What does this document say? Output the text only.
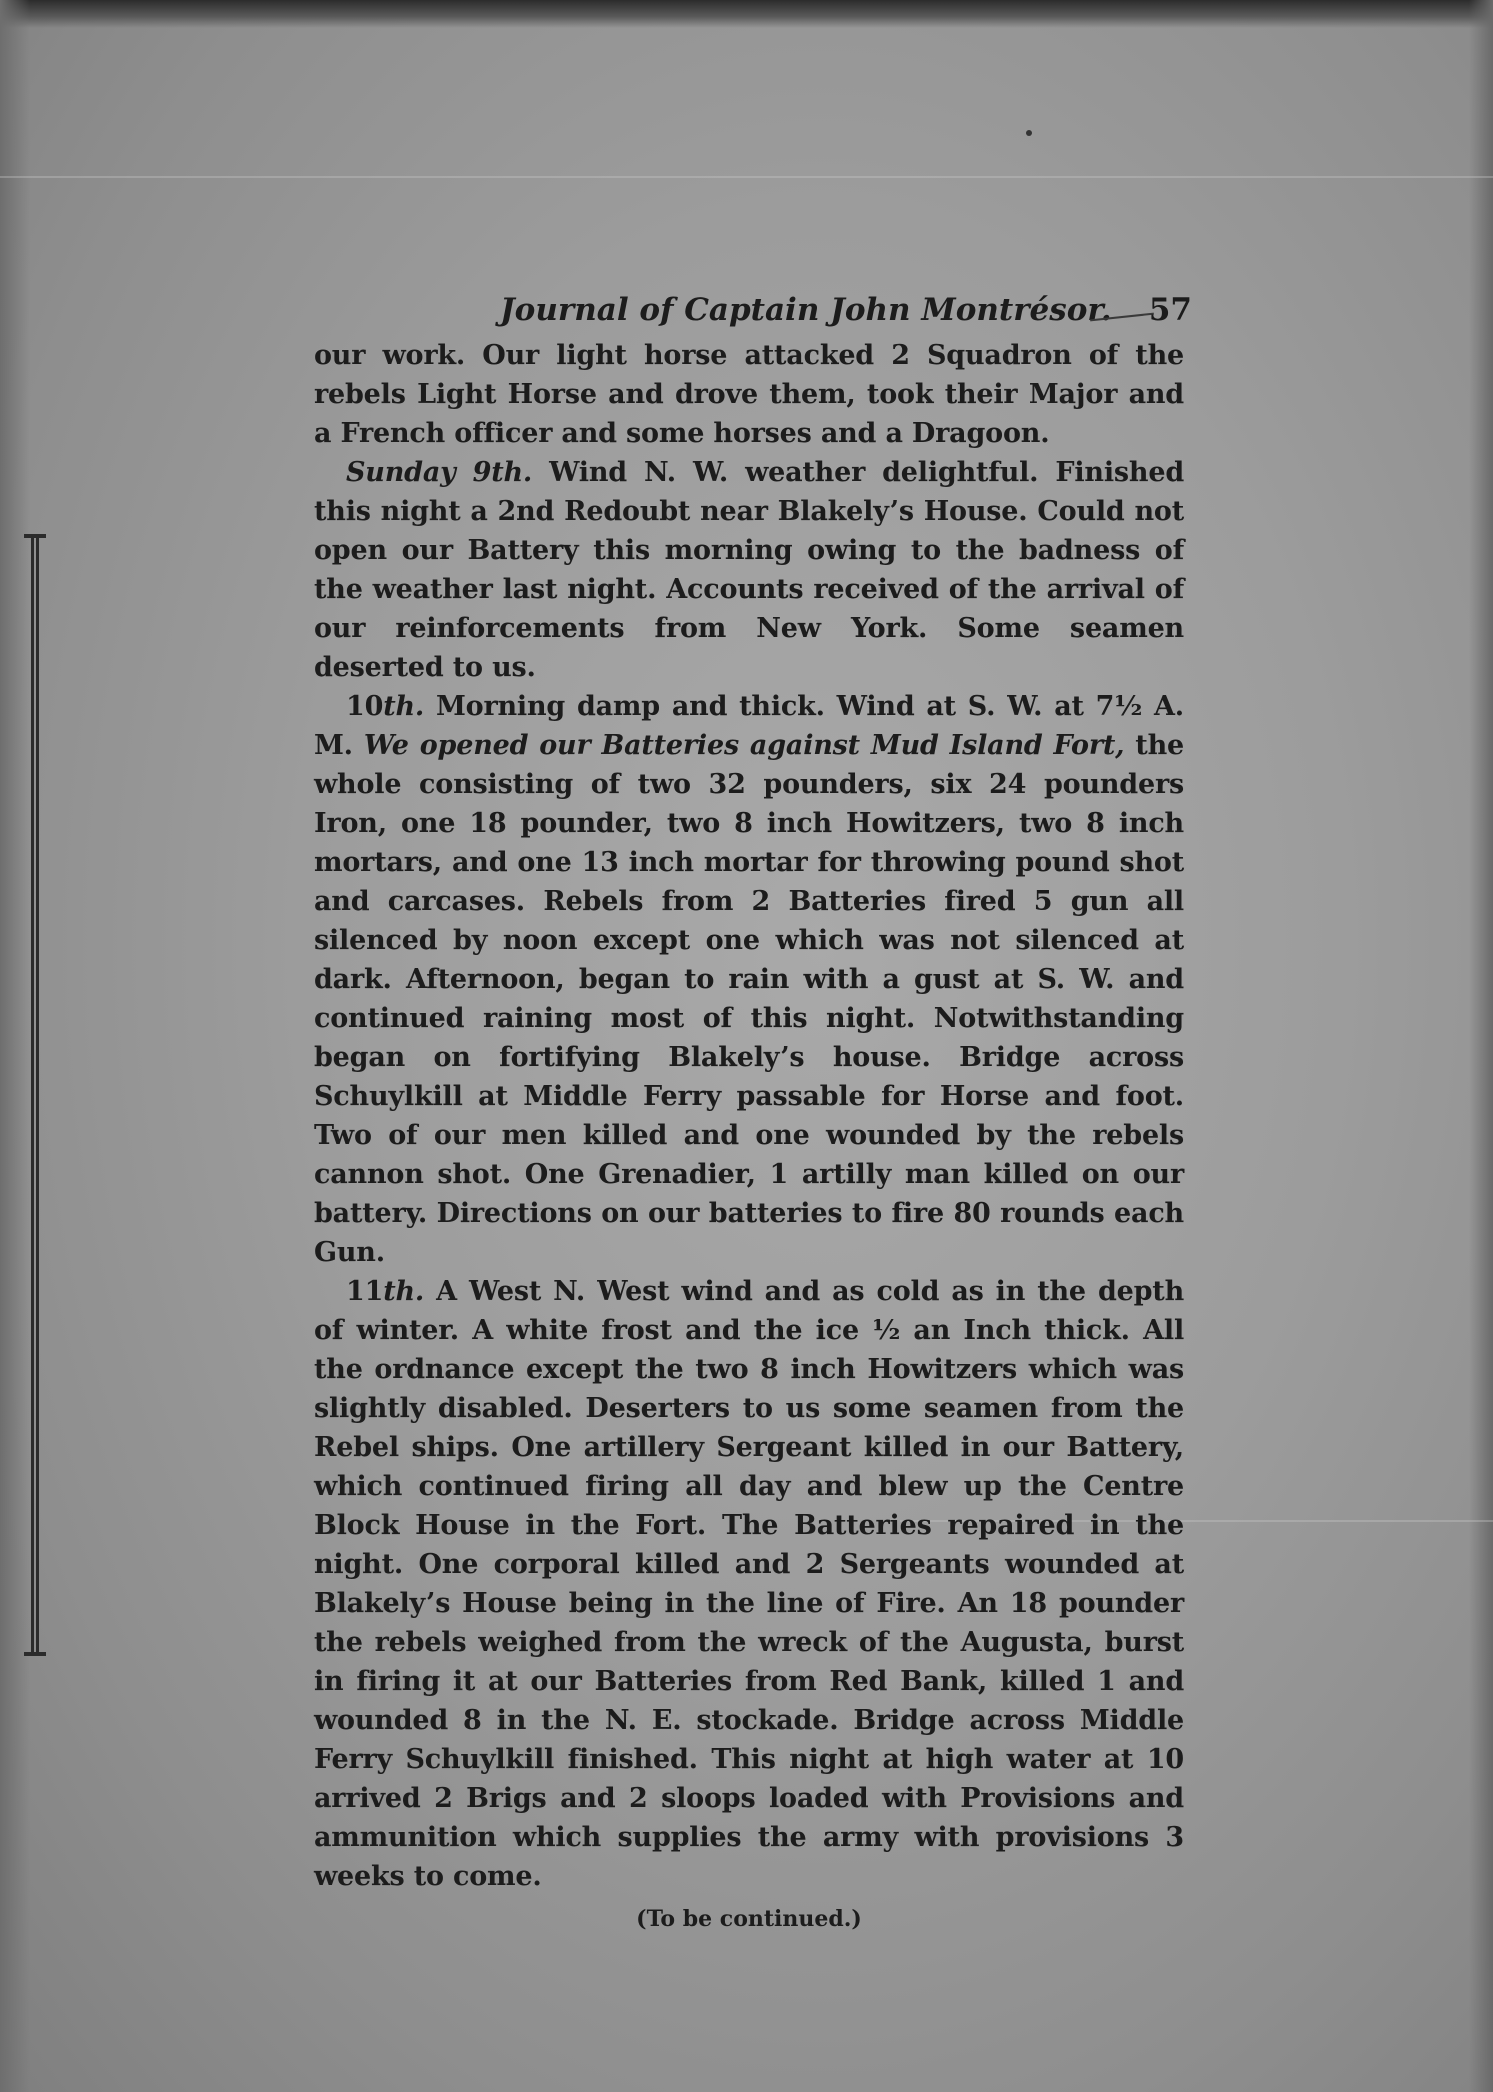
Journal of Captain John Montrésor. 57

our work. Our light horse attacked 2 Squadron of the rebels Light Horse and drove them, took their Major and a French officer and some horses and a Dragoon.

Sunday 9th. Wind N. W. weather delightful. Finished this night a 2nd Redoubt near Blakely’s House. Could not open our Battery this morning owing to the badness of the weather last night. Accounts received of the arrival of our reinforcements from New York. Some seamen deserted to us.

10th. Morning damp and thick. Wind at S. W. at 7½ A. M. We opened our Batteries against Mud Island Fort, the whole consisting of two 32 pounders, six 24 pounders Iron, one 18 pounder, two 8 inch Howitzers, two 8 inch mortars, and one 13 inch mortar for throwing pound shot and carcases. Rebels from 2 Batteries fired 5 gun all silenced by noon except one which was not silenced at dark. Afternoon, began to rain with a gust at S. W. and continued raining most of this night. Notwithstanding began on fortifying Blakely’s house. Bridge across Schuylkill at Middle Ferry passable for Horse and foot. Two of our men killed and one wounded by the rebels cannon shot. One Grenadier, 1 artilly man killed on our battery. Directions on our batteries to fire 80 rounds each Gun.

11th. A West N. West wind and as cold as in the depth of winter. A white frost and the ice ½ an Inch thick. All the ordnance except the two 8 inch Howitzers which was slightly disabled. Deserters to us some seamen from the Rebel ships. One artillery Sergeant killed in our Battery, which continued firing all day and blew up the Centre Block House in the Fort. The Batteries repaired in the night. One corporal killed and 2 Sergeants wounded at Blakely’s House being in the line of Fire. An 18 pounder the rebels weighed from the wreck of the Augusta, burst in firing it at our Batteries from Red Bank, killed 1 and wounded 8 in the N. E. stockade. Bridge across Middle Ferry Schuylkill finished. This night at high water at 10 arrived 2 Brigs and 2 sloops loaded with Provisions and ammunition which supplies the army with provisions 3 weeks to come.

(To be continued.)
